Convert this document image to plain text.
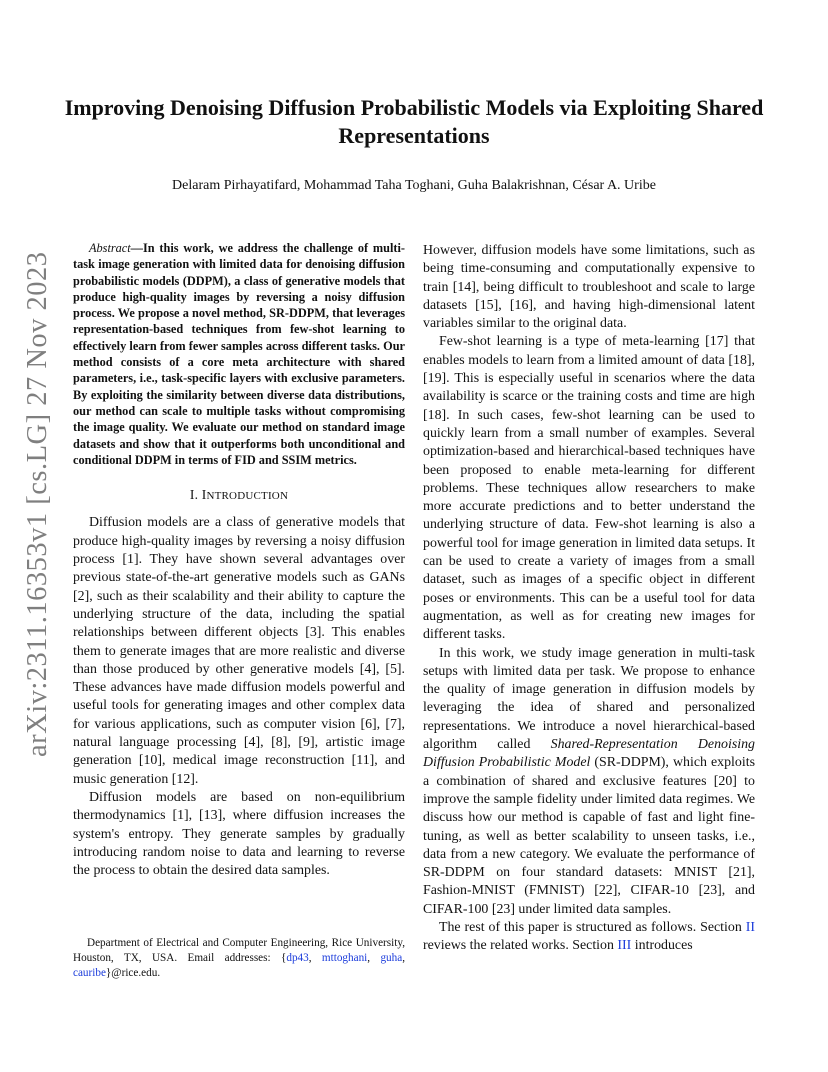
arXiv:2311.16353v1 [cs.LG] 27 Nov 2023
Improving Denoising Diffusion Probabilistic Models via Exploiting Shared Representations
Delaram Pirhayatifard, Mohammad Taha Toghani, Guha Balakrishnan, César A. Uribe

Abstract—In this work, we address the challenge of multi-task image generation with limited data for denoising diffusion probabilistic models (DDPM), a class of generative models that produce high-quality images by reversing a noisy diffusion process. We propose a novel method, SR-DDPM, that leverages representation-based techniques from few-shot learning to effectively learn from fewer samples across different tasks. Our method consists of a core meta architecture with shared parameters, i.e., task-specific layers with exclusive parameters. By exploiting the similarity between diverse data distributions, our method can scale to multiple tasks without compromising the image quality. We evaluate our method on standard image datasets and show that it outperforms both unconditional and conditional DDPM in terms of FID and SSIM metrics.

I. INTRODUCTION

Diffusion models are a class of generative models that produce high-quality images by reversing a noisy diffusion process [1]. They have shown several advantages over previous state-of-the-art generative models such as GANs [2], such as their scalability and their ability to capture the underlying structure of the data, including the spatial relationships between different objects [3]. This enables them to generate images that are more realistic and diverse than those produced by other generative models [4], [5]. These advances have made diffusion models powerful and useful tools for generating images and other complex data for various applications, such as computer vision [6], [7], natural language processing [4], [8], [9], artistic image generation [10], medical image reconstruction [11], and music generation [12].

Diffusion models are based on non-equilibrium thermodynamics [1], [13], where diffusion increases the system's entropy. They generate samples by gradually introducing random noise to data and learning to reverse the process to obtain the desired data samples.

Department of Electrical and Computer Engineering, Rice University, Houston, TX, USA. Email addresses: {dp43, mttoghani, guha, cauribe}@rice.edu.

However, diffusion models have some limitations, such as being time-consuming and computationally expensive to train [14], being difficult to troubleshoot and scale to large datasets [15], [16], and having high-dimensional latent variables similar to the original data.

Few-shot learning is a type of meta-learning [17] that enables models to learn from a limited amount of data [18], [19]. This is especially useful in scenarios where the data availability is scarce or the training costs and time are high [18]. In such cases, few-shot learning can be used to quickly learn from a small number of examples. Several optimization-based and hierarchical-based techniques have been proposed to enable meta-learning for different problems. These techniques allow researchers to make more accurate predictions and to better understand the underlying structure of data. Few-shot learning is also a powerful tool for image generation in limited data setups. It can be used to create a variety of images from a small dataset, such as images of a specific object in different poses or environments. This can be a useful tool for data augmentation, as well as for creating new images for different tasks.

In this work, we study image generation in multi-task setups with limited data per task. We propose to enhance the quality of image generation in diffusion models by leveraging the idea of shared and personalized representations. We introduce a novel hierarchical-based algorithm called Shared-Representation Denoising Diffusion Probabilistic Model (SR-DDPM), which exploits a combination of shared and exclusive features [20] to improve the sample fidelity under limited data regimes. We discuss how our method is capable of fast and light fine-tuning, as well as better scalability to unseen tasks, i.e., data from a new category. We evaluate the performance of SR-DDPM on four standard datasets: MNIST [21], Fashion-MNIST (FMNIST) [22], CIFAR-10 [23], and CIFAR-100 [23] under limited data samples.

The rest of this paper is structured as follows. Section II reviews the related works. Section III introduces
